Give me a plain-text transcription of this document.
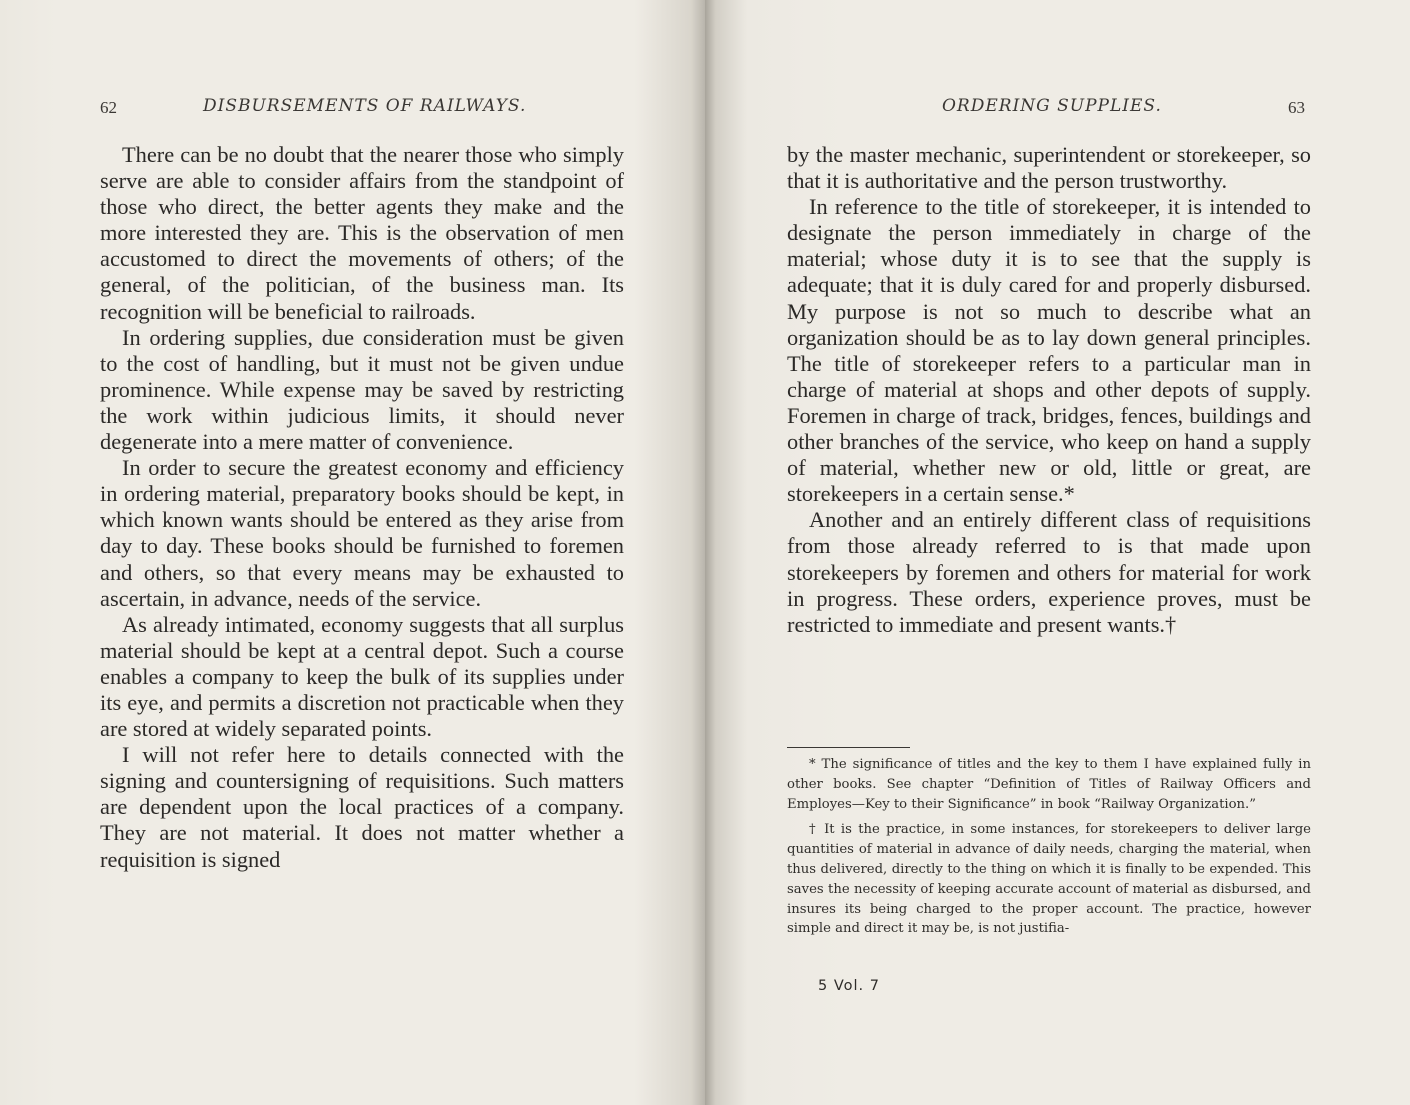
62	DISBURSEMENTS OF RAILWAYS.

There can be no doubt that the nearer those who simply serve are able to consider affairs from the standpoint of those who direct, the better agents they make and the more interested they are. This is the observation of men accustomed to direct the movements of others; of the general, of the politician, of the business man. Its recognition will be beneficial to railroads.

In ordering supplies, due consideration must be given to the cost of handling, but it must not be given undue prominence. While expense may be saved by restricting the work within judicious limits, it should never degenerate into a mere matter of convenience.

In order to secure the greatest economy and efficiency in ordering material, preparatory books should be kept, in which known wants should be entered as they arise from day to day. These books should be furnished to foremen and others, so that every means may be exhausted to ascertain, in advance, needs of the service.

As already intimated, economy suggests that all surplus material should be kept at a central depot. Such a course enables a company to keep the bulk of its supplies under its eye, and permits a discretion not practicable when they are stored at widely separated points.

I will not refer here to details connected with the signing and countersigning of requisitions. Such matters are dependent upon the local practices of a company. They are not material. It does not matter whether a requisition is signed

ORDERING SUPPLIES.	63

by the master mechanic, superintendent or storekeeper, so that it is authoritative and the person trustworthy.

In reference to the title of storekeeper, it is intended to designate the person immediately in charge of the material; whose duty it is to see that the supply is adequate; that it is duly cared for and properly disbursed. My purpose is not so much to describe what an organization should be as to lay down general principles. The title of storekeeper refers to a particular man in charge of material at shops and other depots of supply. Foremen in charge of track, bridges, fences, buildings and other branches of the service, who keep on hand a supply of material, whether new or old, little or great, are storekeepers in a certain sense.*

Another and an entirely different class of requisitions from those already referred to is that made upon storekeepers by foremen and others for material for work in progress. These orders, experience proves, must be restricted to immediate and present wants.†

* The significance of titles and the key to them I have explained fully in other books. See chapter “Definition of Titles of Railway Officers and Employes—Key to their Significance” in book “Railway Organization.”

† It is the practice, in some instances, for storekeepers to deliver large quantities of material in advance of daily needs, charging the material, when thus delivered, directly to the thing on which it is finally to be expended. This saves the necessity of keeping accurate account of material as disbursed, and insures its being charged to the proper account. The practice, however simple and direct it may be, is not justifia-

5 Vol. 7
